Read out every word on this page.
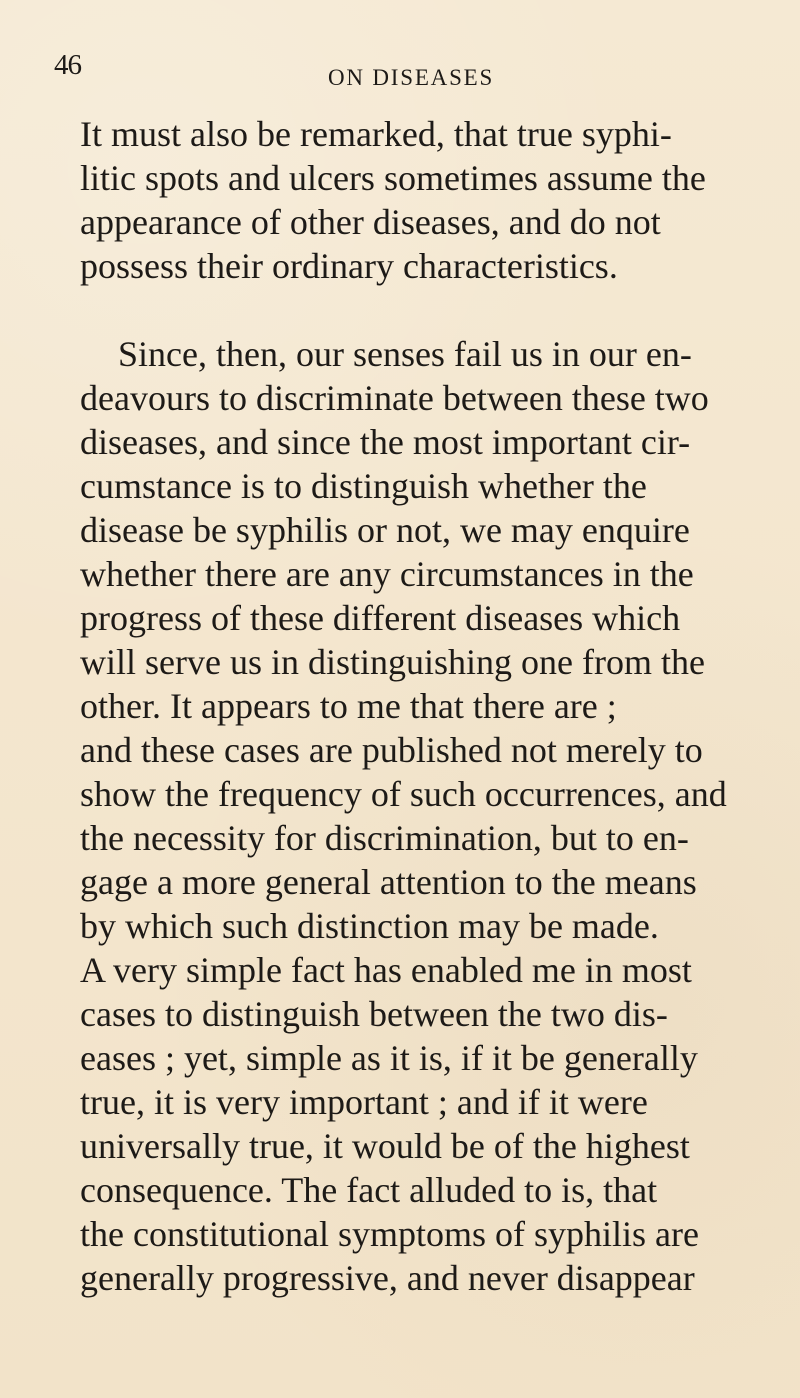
46	ON DISEASES
It must also be remarked, that true syphi-
litic spots and ulcers sometimes assume the
appearance of other diseases, and do not
possess their ordinary characteristics.
Since, then, our senses fail us in our en-
deavours to discriminate between these two
diseases, and since the most important cir-
cumstance is to distinguish whether the
disease be syphilis or not, we may enquire
whether there are any circumstances in the
progress of these different diseases which
will serve us in distinguishing one from the
other. It appears to me that there are ;
and these cases are published not merely to
show the frequency of such occurrences, and
the necessity for discrimination, but to en-
gage a more general attention to the means
by which such distinction may be made.
A very simple fact has enabled me in most
cases to distinguish between the two dis-
eases ; yet, simple as it is, if it be generally
true, it is very important ; and if it were
universally true, it would be of the highest
consequence. The fact alluded to is, that
the constitutional symptoms of syphilis are
generally progressive, and never disappear
